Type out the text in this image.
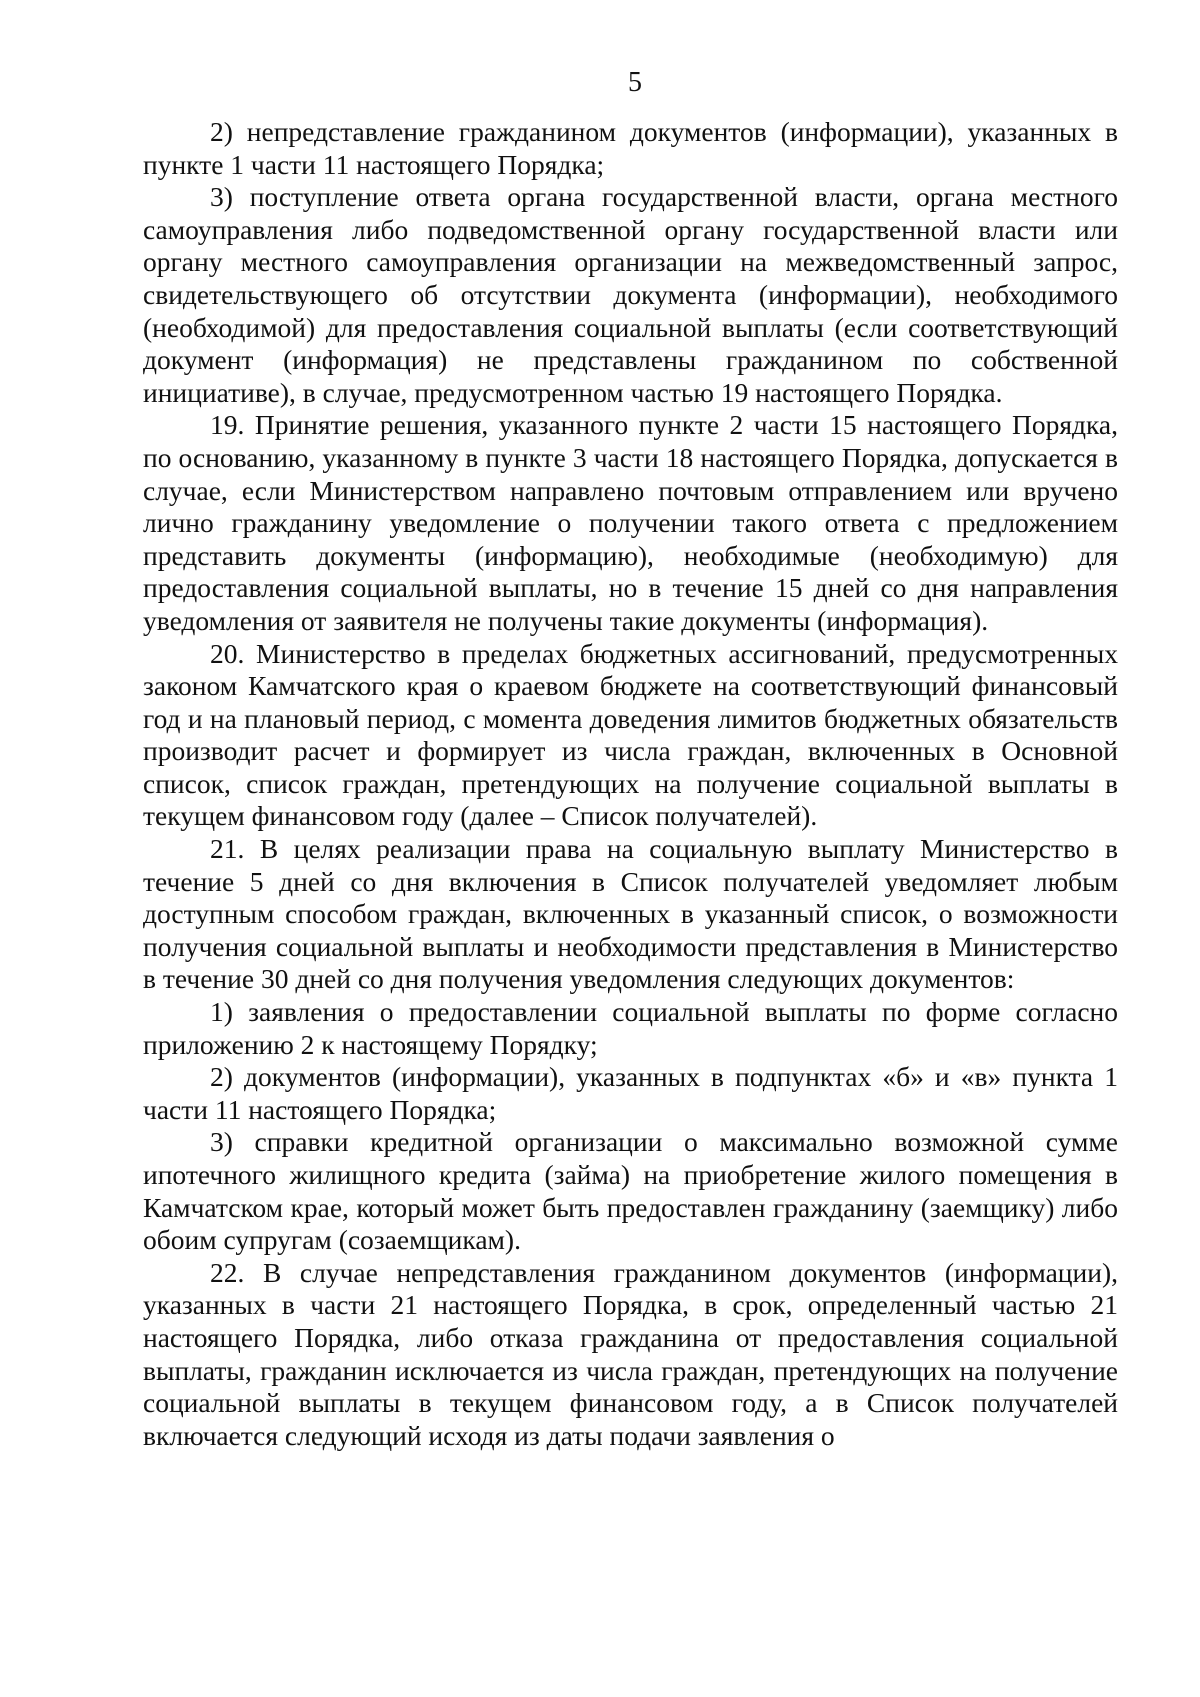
5

2) непредставление гражданином документов (информации), указанных в пункте 1 части 11 настоящего Порядка;

3) поступление ответа органа государственной власти, органа местного самоуправления либо подведомственной органу государственной власти или органу местного самоуправления организации на межведомственный запрос, свидетельствующего об отсутствии документа (информации), необходимого (необходимой) для предоставления социальной выплаты (если соответствующий документ (информация) не представлены гражданином по собственной инициативе), в случае, предусмотренном частью 19 настоящего Порядка.

19. Принятие решения, указанного пункте 2 части 15 настоящего Порядка, по основанию, указанному в пункте 3 части 18 настоящего Порядка, допускается в случае, если Министерством направлено почтовым отправлением или вручено лично гражданину уведомление о получении такого ответа с предложением представить документы (информацию), необходимые (необходимую) для предоставления социальной выплаты, но в течение 15 дней со дня направления уведомления от заявителя не получены такие документы (информация).

20. Министерство в пределах бюджетных ассигнований, предусмотренных законом Камчатского края о краевом бюджете на соответствующий финансовый год и на плановый период, с момента доведения лимитов бюджетных обязательств производит расчет и формирует из числа граждан, включенных в Основной список, список граждан, претендующих на получение социальной выплаты в текущем финансовом году (далее – Список получателей).

21. В целях реализации права на социальную выплату Министерство в течение 5 дней со дня включения в Список получателей уведомляет любым доступным способом граждан, включенных в указанный список, о возможности получения социальной выплаты и необходимости представления в Министерство в течение 30 дней со дня получения уведомления следующих документов:

1) заявления о предоставлении социальной выплаты по форме согласно приложению 2 к настоящему Порядку;

2) документов (информации), указанных в подпунктах «б» и «в» пункта 1 части 11 настоящего Порядка;

3) справки кредитной организации о максимально возможной сумме ипотечного жилищного кредита (займа) на приобретение жилого помещения в Камчатском крае, который может быть предоставлен гражданину (заемщику) либо обоим супругам (созаемщикам).

22. В случае непредставления гражданином документов (информации), указанных в части 21 настоящего Порядка, в срок, определенный частью 21 настоящего Порядка, либо отказа гражданина от предоставления социальной выплаты, гражданин исключается из числа граждан, претендующих на получение социальной выплаты в текущем финансовом году, а в Список получателей включается следующий исходя из даты подачи заявления о
